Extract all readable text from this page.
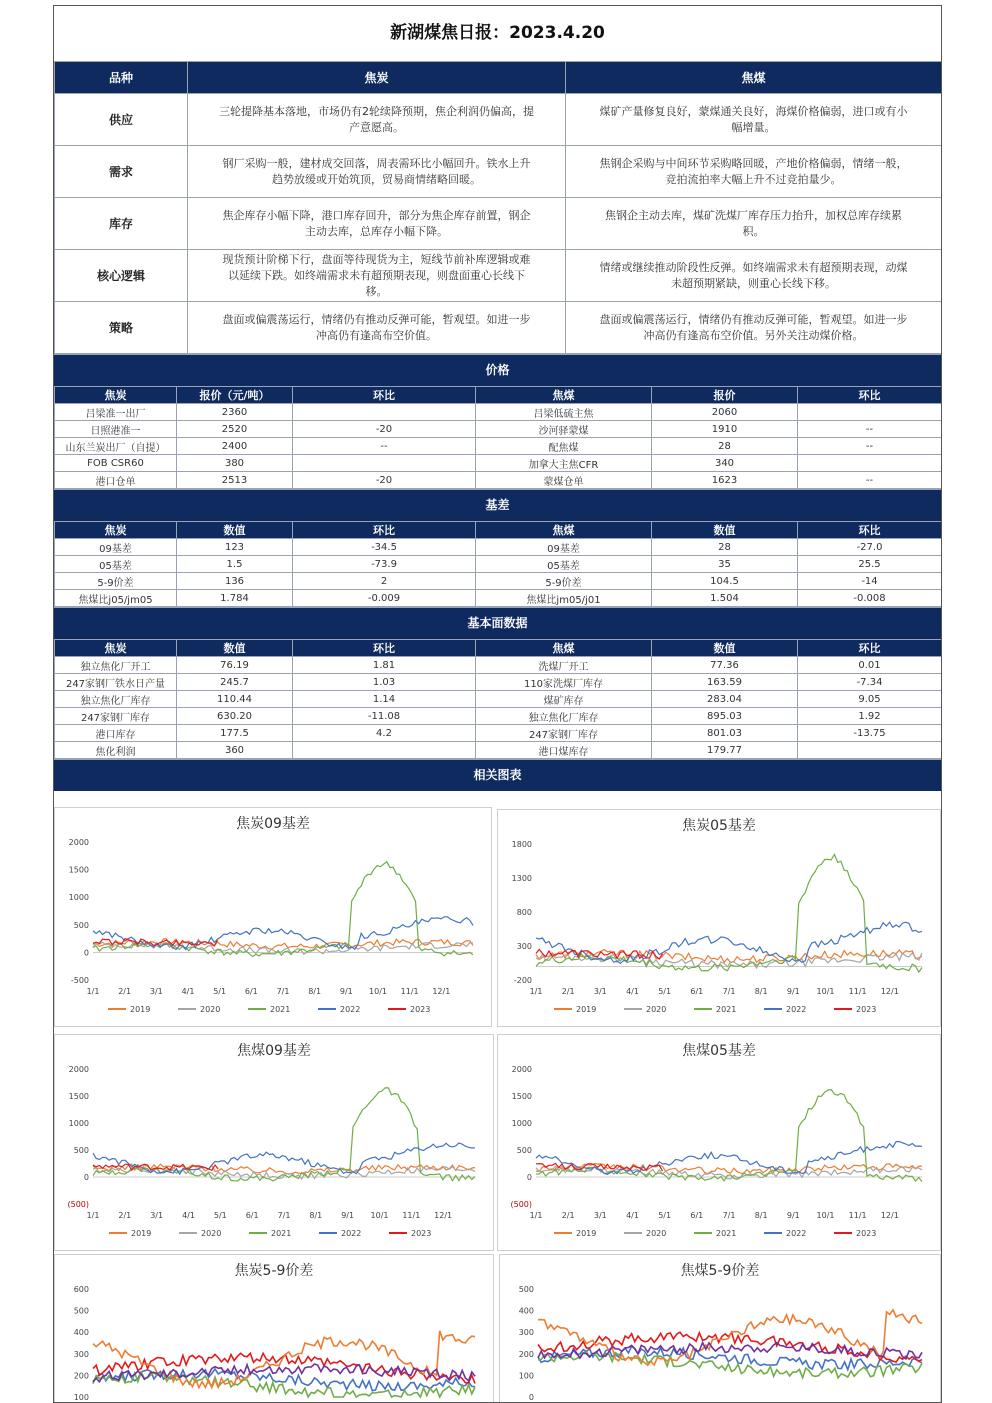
新湖煤焦日报：2023.4.20
品种	焦炭	焦煤
供应	三轮提降基本落地，市场仍有2轮续降预期，焦企利润仍偏高，提产意愿高。	煤矿产量修复良好，蒙煤通关良好，海煤价格偏弱，进口或有小幅增量。
需求	钢厂采购一般，建材成交回落，周表需环比小幅回升。铁水上升趋势放缓或开始筑顶，贸易商情绪略回暖。	焦钢企采购与中间环节采购略回暖，产地价格偏弱，情绪一般，竞拍流拍率大幅上升不过竞拍量少。
库存	焦企库存小幅下降，港口库存回升，部分为焦企库存前置，钢企主动去库，总库存小幅下降。	焦钢企主动去库，煤矿洗煤厂库存压力抬升，加权总库存续累积。
核心逻辑	现货预计阶梯下行，盘面等待现货为主，短线节前补库逻辑或难以延续下跌。如终端需求未有超预期表现，则盘面重心长线下移。	情绪或继续推动阶段性反弹。如终端需求未有超预期表现，动煤未超预期紧缺，则重心长线下移。
策略	盘面或偏震荡运行，情绪仍有推动反弹可能，暂观望。如进一步冲高仍有逢高布空价值。	盘面或偏震荡运行，情绪仍有推动反弹可能，暂观望。如进一步冲高仍有逢高布空价值。另外关注动煤价格。
价格
焦炭	报价（元/吨）	环比	焦煤	报价	环比
吕梁准一出厂	2360		吕梁低硫主焦	2060	
日照港准一	2520	-20	沙河驿蒙煤	1910	--
山东兰炭出厂（自提）	2400	--	配焦煤	28	--
FOB CSR60	380		加拿大主焦CFR	340	
港口仓单	2513	-20	蒙煤仓单	1623	--
基差
焦炭	数值	环比	焦煤	数值	环比
09基差	123	-34.5	09基差	28	-27.0
05基差	1.5	-73.9	05基差	35	25.5
5-9价差	136	2	5-9价差	104.5	-14
焦煤比j05/jm05	1.784	-0.009	焦煤比jm05/j01	1.504	-0.008
基本面数据
焦炭	数值	环比	焦煤	数值	环比
独立焦化厂开工	76.19	1.81	洗煤厂开工	77.36	0.01
247家钢厂铁水日产量	245.7	1.03	110家洗煤厂库存	163.59	-7.34
独立焦化厂库存	110.44	1.14	煤矿库存	283.04	9.05
247家钢厂库存	630.20	-11.08	独立焦化厂库存	895.03	1.92
港口库存	177.5	4.2	247家钢厂库存	801.03	-13.75
焦化利润	360		港口煤库存	179.77	
相关图表
焦炭09基差
2000
1500
1000
500
0
-500
1/1 2/1 3/1 4/1 5/1 6/1 7/1 8/1 9/1 10/1 11/1 12/1
2019	2020	2021	2022	2023
焦炭05基差
1800
1300
800
300
-200
1/1 2/1 3/1 4/1 5/1 6/1 7/1 8/1 9/1 10/1 11/1 12/1
2019	2020	2021	2022	2023
焦煤09基差
2000
1500
1000
500
0
(500)
1/1 2/1 3/1 4/1 5/1 6/1 7/1 8/1 9/1 10/1 11/1 12/1
2019	2020	2021	2022	2023
焦煤05基差
2000
1500
1000
500
0
(500)
1/1 2/1 3/1 4/1 5/1 6/1 7/1 8/1 9/1 10/1 11/1 12/1
2019	2020	2021	2022	2023
焦炭5-9价差
600
500
400
300
200
100
焦煤5-9价差
500
400
300
200
100
0
